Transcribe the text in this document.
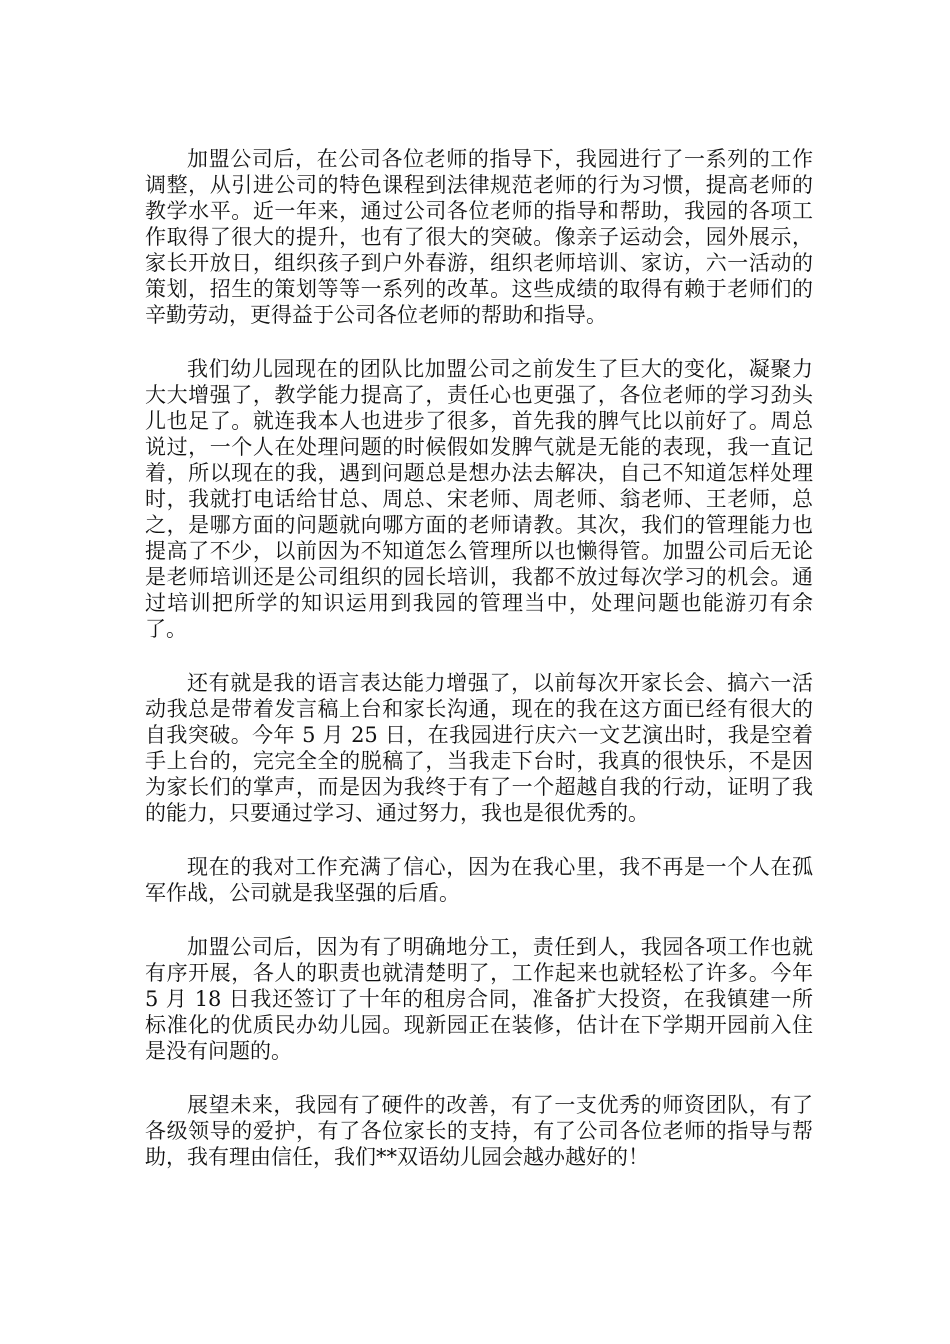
加盟公司后，在公司各位老师的指导下，我园进行了一系列的工作调整，从引进公司的特色课程到法律规范老师的行为习惯，提高老师的教学水平。近一年来，通过公司各位老师的指导和帮助，我园的各项工作取得了很大的提升，也有了很大的突破。像亲子运动会，园外展示，家长开放日，组织孩子到户外春游，组织老师培训、家访，六一活动的策划，招生的策划等等一系列的改革。这些成绩的取得有赖于老师们的辛勤劳动，更得益于公司各位老师的帮助和指导。

我们幼儿园现在的团队比加盟公司之前发生了巨大的变化，凝聚力大大增强了，教学能力提高了，责任心也更强了，各位老师的学习劲头儿也足了。就连我本人也进步了很多，首先我的脾气比以前好了。周总说过，一个人在处理问题的时候假如发脾气就是无能的表现，我一直记着，所以现在的我，遇到问题总是想办法去解决，自己不知道怎样处理时，我就打电话给甘总、周总、宋老师、周老师、翁老师、王老师，总之，是哪方面的问题就向哪方面的老师请教。其次，我们的管理能力也提高了不少，以前因为不知道怎么管理所以也懒得管。加盟公司后无论是老师培训还是公司组织的园长培训，我都不放过每次学习的机会。通过培训把所学的知识运用到我园的管理当中，处理问题也能游刃有余了。

还有就是我的语言表达能力增强了，以前每次开家长会、搞六一活动我总是带着发言稿上台和家长沟通，现在的我在这方面已经有很大的自我突破。今年 5 月 25 日，在我园进行庆六一文艺演出时，我是空着手上台的，完完全全的脱稿了，当我走下台时，我真的很快乐，不是因为家长们的掌声，而是因为我终于有了一个超越自我的行动，证明了我的能力，只要通过学习、通过努力，我也是很优秀的。

现在的我对工作充满了信心，因为在我心里，我不再是一个人在孤军作战，公司就是我坚强的后盾。

加盟公司后，因为有了明确地分工，责任到人，我园各项工作也就有序开展，各人的职责也就清楚明了，工作起来也就轻松了许多。今年 5 月 18 日我还签订了十年的租房合同，准备扩大投资，在我镇建一所标准化的优质民办幼儿园。现新园正在装修，估计在下学期开园前入住是没有问题的。

展望未来，我园有了硬件的改善，有了一支优秀的师资团队，有了各级领导的爱护，有了各位家长的支持，有了公司各位老师的指导与帮助，我有理由信任，我们**双语幼儿园会越办越好的！
